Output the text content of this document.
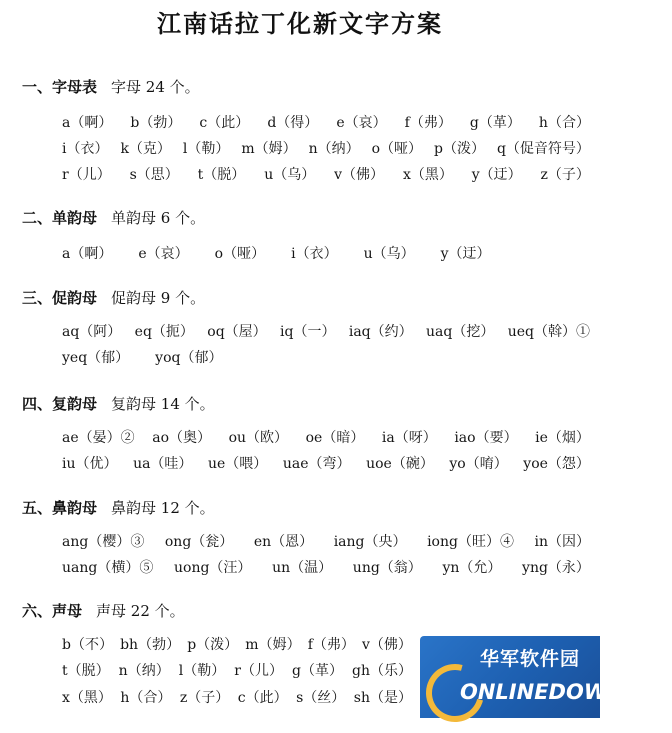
江南话拉丁化新文字方案
一、字母表 字母 24 个。
a（啊） b（勃） c（此） d（得） e（哀） f（弗） g（革） h（合）
i（衣） k（克） l（勒） m（姆） n（纳） o（哑） p（泼） q（促音符号）
r（儿） s（思） t（脱） u（乌） v（佛） x（黑） y（迂） z（子）
二、单韵母 单韵母 6 个。
a（啊） e（哀） o（哑） i（衣） u（乌） y（迂）
三、促韵母 促韵母 9 个。
aq（阿） eq（扼） oq（屋） iq（一） iaq（约） uaq（挖） ueq（斡）①
yeq（郁） yoq（郁）
四、复韵母 复韵母 14 个。
ae（晏）② ao（奥） ou（欧） oe（暗） ia（呀） iao（要） ie（烟）
iu（优） ua（哇） ue（喂） uae（弯） uoe（碗） yo（唷） yoe（怨）
五、鼻韵母 鼻韵母 12 个。
ang（樱）③ ong（瓮） en（恩） iang（央） iong（旺）④ in（因）
uang（横）⑤ uong（汪） un（温） ung（翁） yn（允） yng（永）
六、声母 声母 22 个。
b（不） bh（勃） p（泼） m（姆） f（弗） v（佛）
t（脱） n（纳） l（勒） r（儿） g（革） gh（乐）
x（黑） h（合） z（子） c（此） s（丝） sh（是）
华军软件园
ONLINEDOWN.net
